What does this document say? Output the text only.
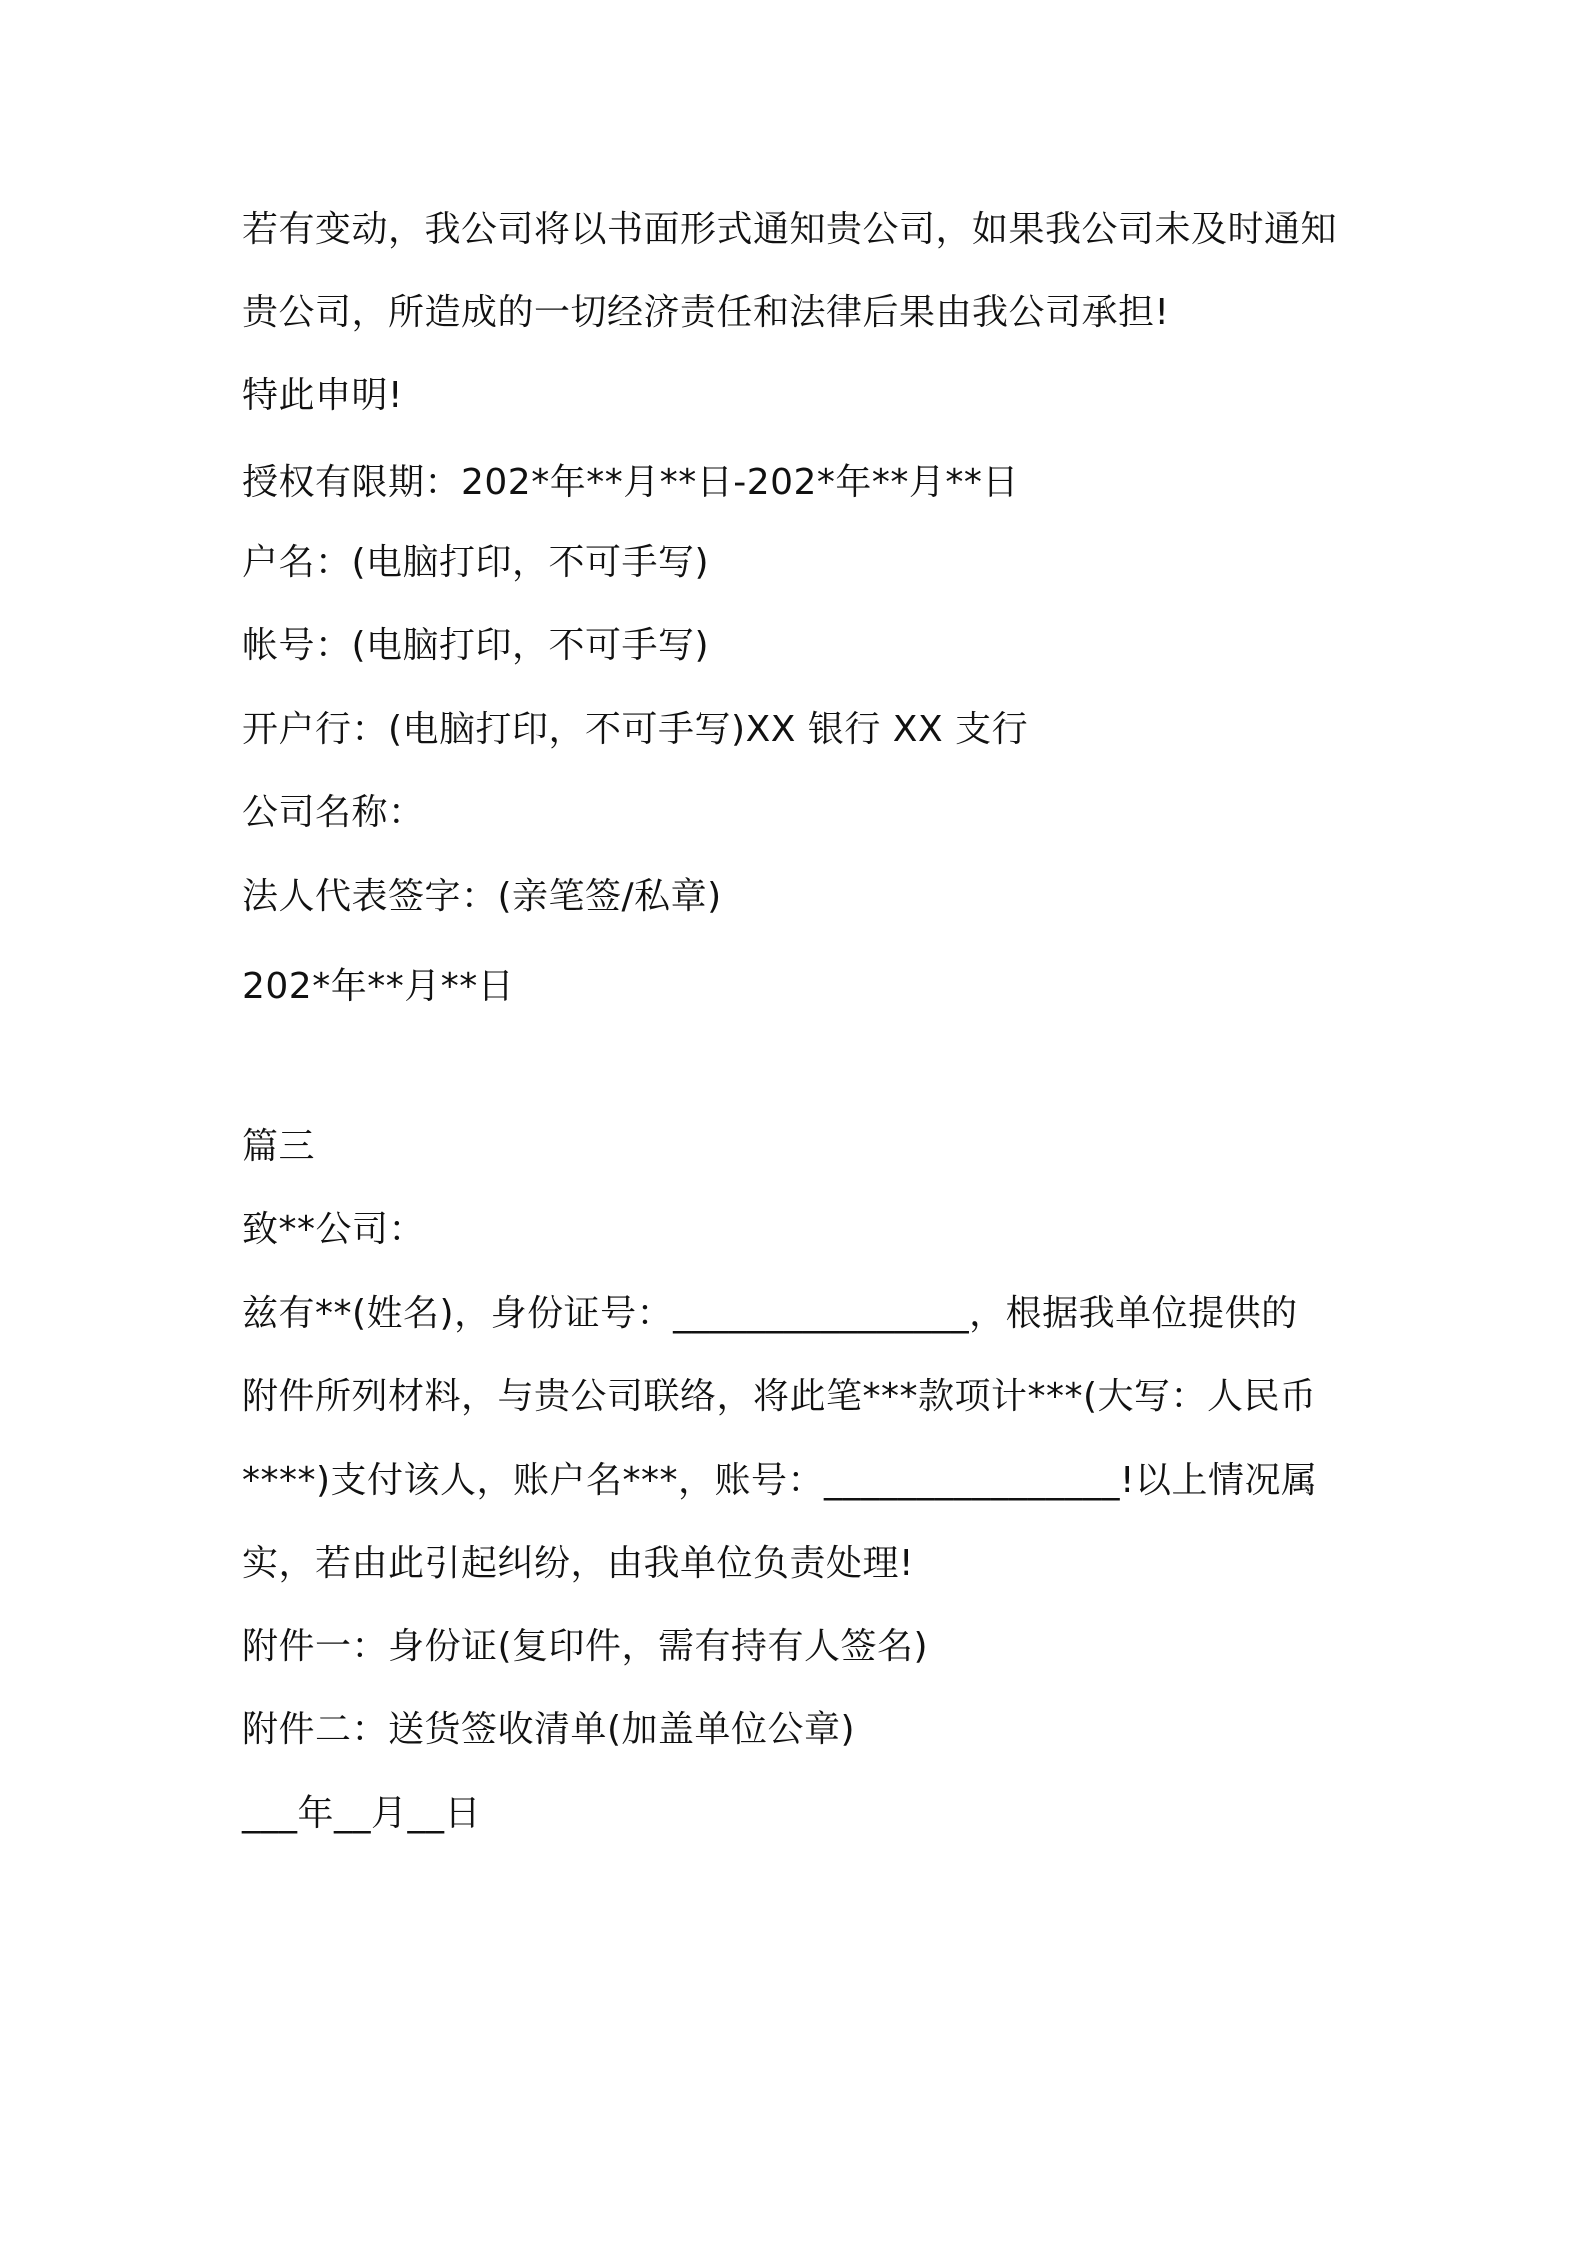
若有变动，我公司将以书面形式通知贵公司，如果我公司未及时通知
贵公司，所造成的一切经济责任和法律后果由我公司承担!
特此申明!
授权有限期：202*年**月**日-202*年**月**日
户名：(电脑打印，不可手写)
帐号：(电脑打印，不可手写)
开户行：(电脑打印，不可手写)XX 银行 XX 支行
公司名称：
法人代表签字：(亲笔签/私章)
202*年**月**日
篇三
致**公司：
兹有**(姓名)，身份证号：________________，根据我单位提供的
附件所列材料，与贵公司联络，将此笔***款项计***(大写：人民币
****)支付该人，账户名***，账号：________________!以上情况属
实，若由此引起纠纷，由我单位负责处理!
附件一：身份证(复印件，需有持有人签名)
附件二：送货签收清单(加盖单位公章)
___年__月__日
